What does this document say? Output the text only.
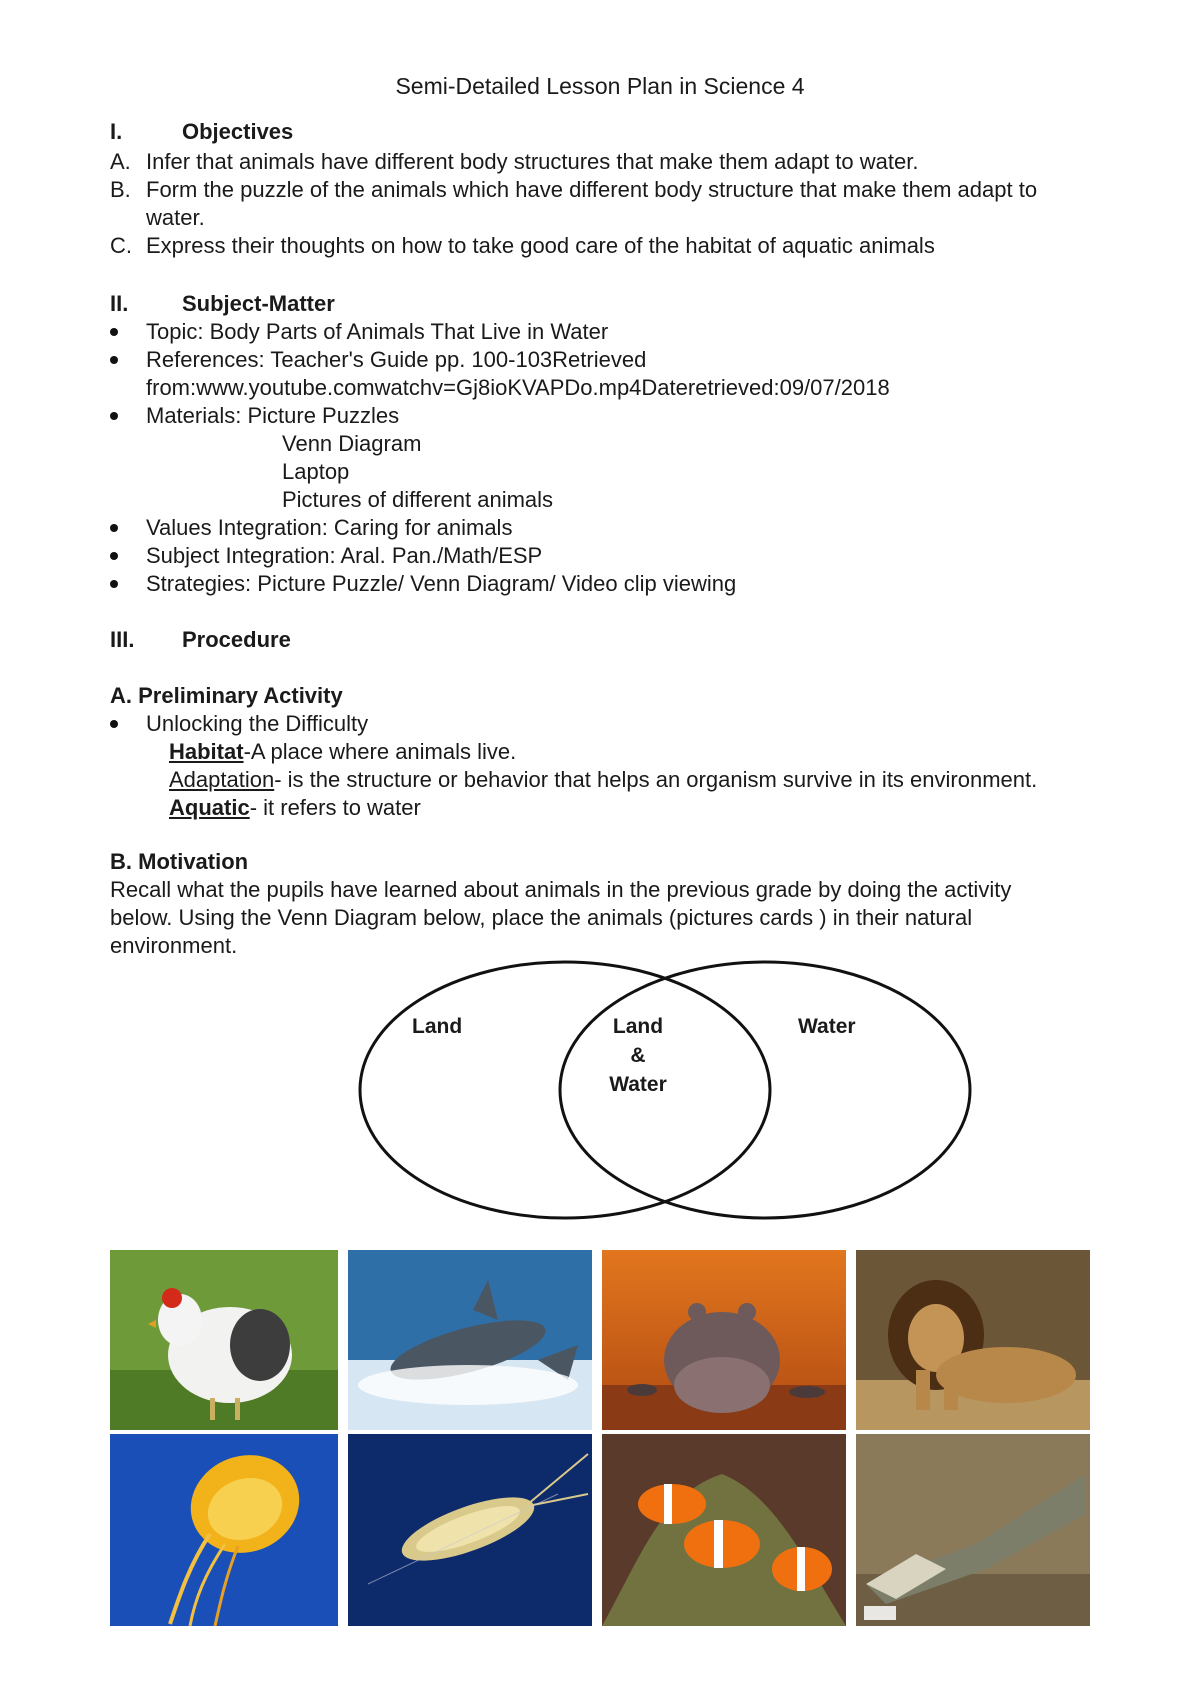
Semi-Detailed Lesson Plan in Science 4
I.	Objectives
A. Infer that animals have different body structures that make them adapt to water.
B. Form the puzzle of the animals which have different body structure that make them adapt to
water.
C. Express their thoughts on how to take good care of the habitat of aquatic animals
II. Subject-Matter
Topic: Body Parts of Animals That Live in Water
References: Teacher's Guide pp. 100-103Retrieved
from:www.youtube.comwatchv=Gj8ioKVAPDo.mp4Dateretrieved:09/07/2018
Materials: Picture Puzzles
Venn Diagram
Laptop
Pictures of different animals
Values Integration: Caring for animals
Subject Integration: Aral. Pan./Math/ESP
Strategies: Picture Puzzle/ Venn Diagram/ Video clip viewing
III. Procedure
A. Preliminary Activity
Unlocking the Difficulty
Habitat-A place where animals live.
Adaptation- is the structure or behavior that helps an organism survive in its environment.
Aquatic- it refers to water
B. Motivation
Recall what the pupils have learned about animals in the previous grade by doing the activity
below. Using the Venn Diagram below, place the animals (pictures cards ) in their natural
environment.
Land	Land
&
Water
Water
